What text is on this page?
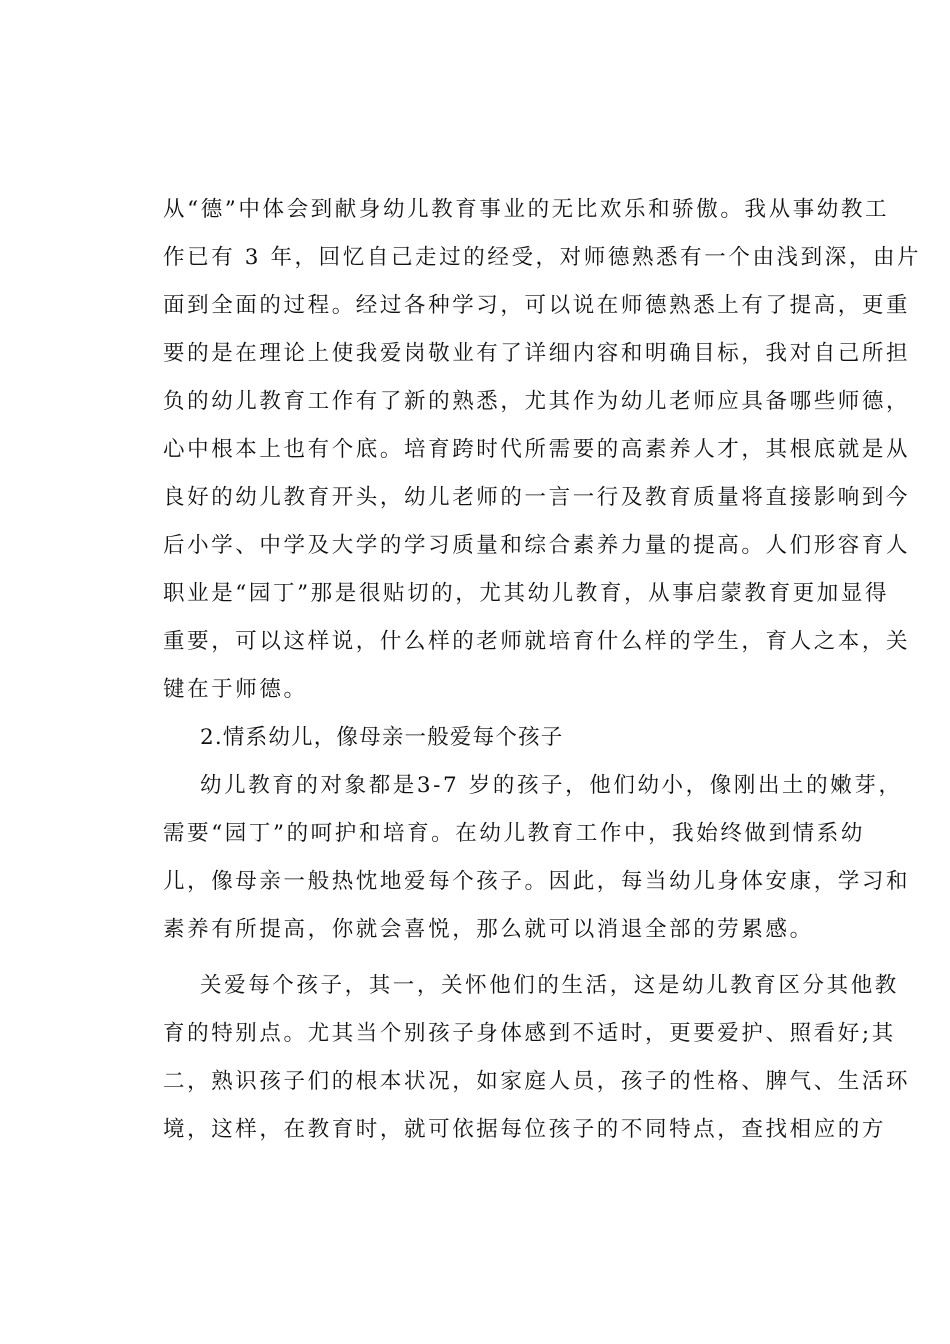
从“德”中体会到献身幼儿教育事业的无比欢乐和骄傲。我从事幼教工
作已有 3 年，回忆自己走过的经受，对师德熟悉有一个由浅到深，由片
面到全面的过程。经过各种学习，可以说在师德熟悉上有了提高，更重
要的是在理论上使我爱岗敬业有了详细内容和明确目标，我对自己所担
负的幼儿教育工作有了新的熟悉，尤其作为幼儿老师应具备哪些师德，
心中根本上也有个底。培育跨时代所需要的高素养人才，其根底就是从
良好的幼儿教育开头，幼儿老师的一言一行及教育质量将直接影响到今
后小学、中学及大学的学习质量和综合素养力量的提高。人们形容育人
职业是“园丁”那是很贴切的，尤其幼儿教育，从事启蒙教育更加显得
重要，可以这样说，什么样的老师就培育什么样的学生，育人之本，关
键在于师德。
2.情系幼儿，像母亲一般爱每个孩子
幼儿教育的对象都是3-7 岁的孩子，他们幼小，像刚出土的嫩芽，
需要“园丁”的呵护和培育。在幼儿教育工作中，我始终做到情系幼
儿，像母亲一般热忱地爱每个孩子。因此，每当幼儿身体安康，学习和
素养有所提高，你就会喜悦，那么就可以消退全部的劳累感。
关爱每个孩子，其一，关怀他们的生活，这是幼儿教育区分其他教
育的特别点。尤其当个别孩子身体感到不适时，更要爱护、照看好;其
二，熟识孩子们的根本状况，如家庭人员，孩子的性格、脾气、生活环
境，这样，在教育时，就可依据每位孩子的不同特点，查找相应的方
